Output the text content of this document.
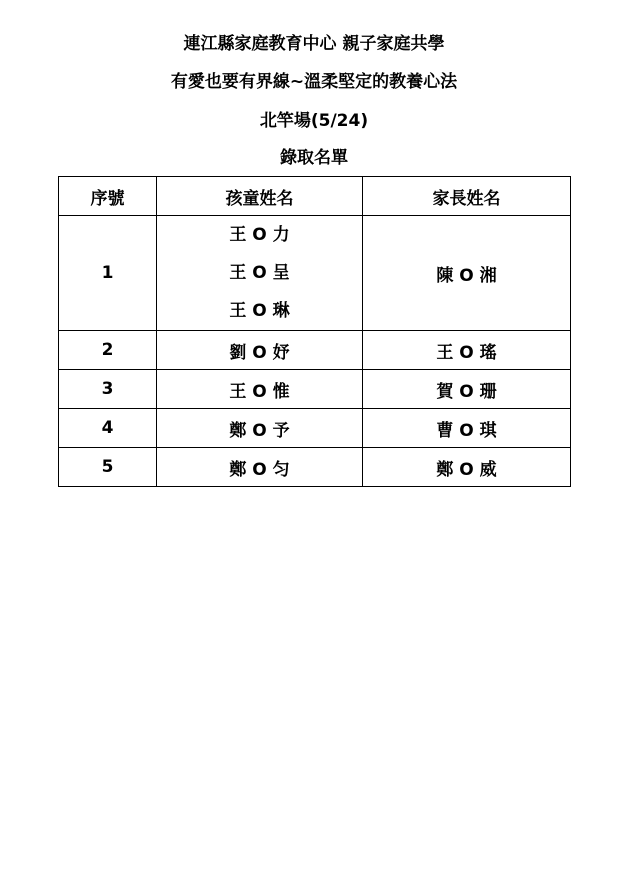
連江縣家庭教育中心 親子家庭共學
有愛也要有界線~溫柔堅定的教養心法
北竿場(5/24)
錄取名單
序號	孩童姓名	家長姓名
1	王 O 力
王 O 呈
王 O 琳	陳 O 湘
2	劉 O 妤	王 O 瑤
3	王 O 惟	賀 O 珊
4	鄭 O 予	曹 O 琪
5	鄭 O 匀	鄭 O 威
